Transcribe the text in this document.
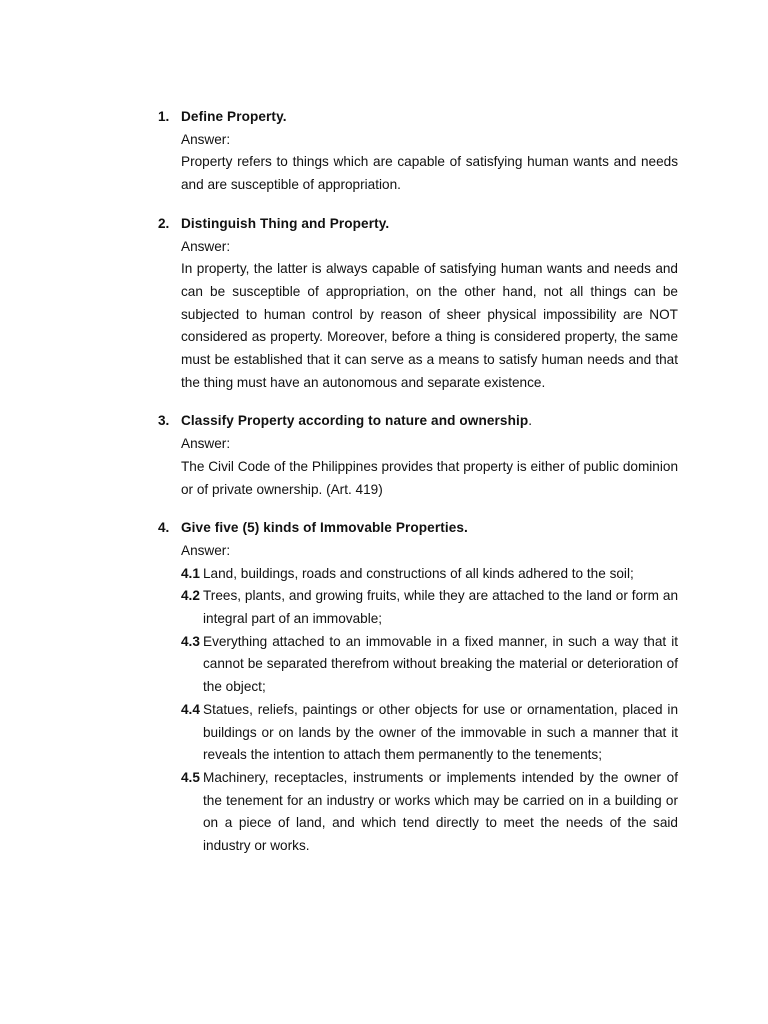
1. Define Property.
Answer:
Property refers to things which are capable of satisfying human wants and needs and are susceptible of appropriation.
2. Distinguish Thing and Property.
Answer:
In property, the latter is always capable of satisfying human wants and needs and can be susceptible of appropriation, on the other hand, not all things can be subjected to human control by reason of sheer physical impossibility are NOT considered as property. Moreover, before a thing is considered property, the same must be established that it can serve as a means to satisfy human needs and that the thing must have an autonomous and separate existence.
3. Classify Property according to nature and ownership.
Answer:
The Civil Code of the Philippines provides that property is either of public dominion or of private ownership. (Art. 419)
4. Give five (5) kinds of Immovable Properties.
Answer:
4.1 Land, buildings, roads and constructions of all kinds adhered to the soil;
4.2 Trees, plants, and growing fruits, while they are attached to the land or form an integral part of an immovable;
4.3 Everything attached to an immovable in a fixed manner, in such a way that it cannot be separated therefrom without breaking the material or deterioration of the object;
4.4 Statues, reliefs, paintings or other objects for use or ornamentation, placed in buildings or on lands by the owner of the immovable in such a manner that it reveals the intention to attach them permanently to the tenements;
4.5 Machinery, receptacles, instruments or implements intended by the owner of the tenement for an industry or works which may be carried on in a building or on a piece of land, and which tend directly to meet the needs of the said industry or works.
